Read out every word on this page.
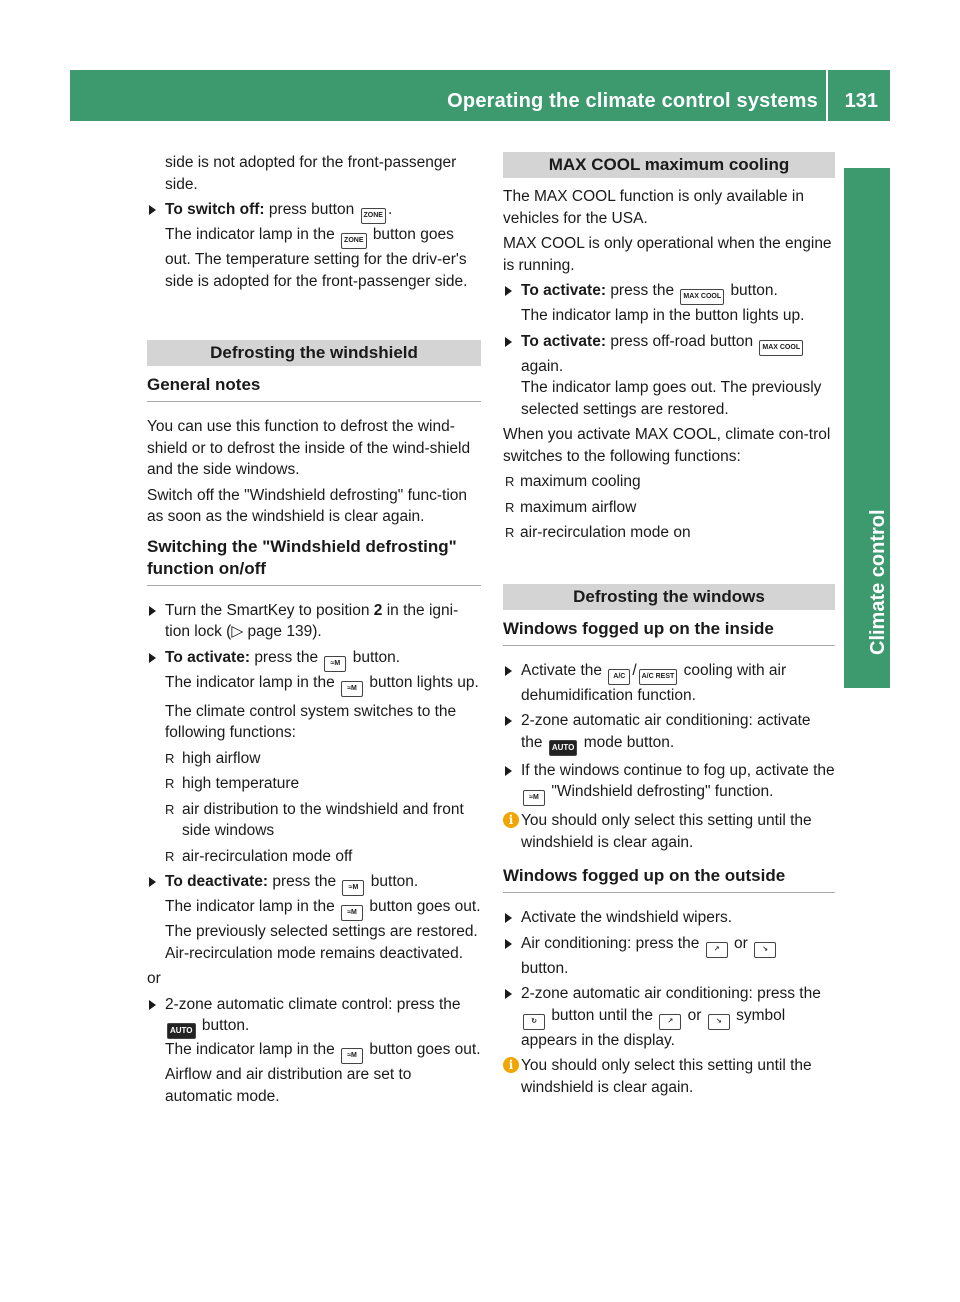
Operating the climate control systems 131
Climate control

side is not adopted for the front-passenger side.

To switch off: press button ZONE .
The indicator lamp in the ZONE button goes out. The temperature setting for the driv-er's side is adopted for the front-passenger side.
Defrosting the windshield
General notes

You can use this function to defrost the wind-shield or to defrost the inside of the wind-shield and the side windows.

Switch off the "Windshield defrosting" func-tion as soon as the windshield is clear again.

Switching the "Windshield defrosting" function on/off
Turn the SmartKey to position 2 in the igni-tion lock (▷ page 139).
To activate: press the ≈M button.
The indicator lamp in the ≈M button lights up.

The climate control system switches to the following functions:

R high airflow
R high temperature
R air distribution to the windshield and front side windows
R air-recirculation mode off
To deactivate: press the ≈M button.
The indicator lamp in the ≈M button goes out. The previously selected settings are restored. Air-recirculation mode remains deactivated.

or

2-zone automatic climate control: press the AUTO button.
The indicator lamp in the ≈M button goes out. Airflow and air distribution are set to automatic mode.
MAX COOL maximum cooling

The MAX COOL function is only available in vehicles for the USA.

MAX COOL is only operational when the engine is running.

To activate: press the MAX COOL button.
The indicator lamp in the button lights up.
To activate: press off-road button MAX COOL
again.
The indicator lamp goes out. The previously selected settings are restored.

When you activate MAX COOL, climate con-trol switches to the following functions:

R maximum cooling
R maximum airflow
R air-recirculation mode on
Defrosting the windows
Windows fogged up on the inside
Activate the A/C / A/C REST cooling with air dehumidification function.
2-zone automatic air conditioning: activate the AUTO mode button.
If the windows continue to fog up, activate the ≈M "Windshield defrosting" function.
i You should only select this setting until the windshield is clear again.
Windows fogged up on the outside
Activate the windshield wipers.
Air conditioning: press the ↗ or ↘
button.
2-zone automatic air conditioning: press the ↻ button until the ↗ or ↘ symbol appears in the display.
i You should only select this setting until the windshield is clear again.
